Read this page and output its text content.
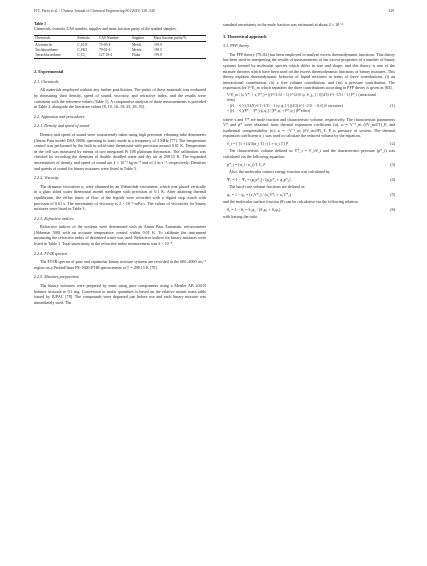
H.T. Parsa et al. / Chinese Journal of Chemical Engineering 80 (2025) 328–340	329
Table 1
Chemicals, formula, CAS number, supplier and mass fraction purity of the studied samples.
Chemicals	Formula	CAS Number	Supplier	Mass fraction purity/%
Acetonitrile	C₂H₃N	75-05-8	Merck	>99.9
Trichloroethene	C₂HCl₃	79-01-6	Merck	>99.5
Tetrachloroethene	C₂Cl₄	127-18-4	Fluka	>99.0
2. Experimental
2.1. Chemicals

All materials employed without any further purification. The purity of these materials was evaluated by measuring their density, speed of sound, viscosity, and refractive index, and the results were consistent with the reference values (Table 1). A comparative analysis of these measurements is provided in Table 2, alongside the literature values [8, 10, 16–18, 25, 29–76].

2.2. Apparatus and procedures
2.2.1. Density and speed of sound

Density and speed of sound were concurrently taken using high precision vibrating-tube densimeter (Anton Paar model DSA 5000) operating in static mode at a frequency of 3 MHz [77]. The temperature control was performed by the built in solid-state thermostat with precision around 0.01 K. Temperature in the cell was measured by means of two integrated Pt 100 platinum thermostat. The calibration was checked by recording the densities of double distilled water and dry air at 298.15 K. The expanded uncertainties of density and speed of sound are 4 × 10⁻¹ kg·m⁻³ and of 2 m·s⁻¹, respectively. Densities and speeds of sound for binary mixtures were listed in Table 3.

2.2.2. Viscosity

The dynamic viscosities η, were obtained by an Ubbelohde viscometer, which was placed vertically in a glass sided water thermostat model medingen with precision of 0.1 K. After attaining thermal equilibrium, the efflux times of flow of the liquids were recorded with a digital stop watch with precision of 0.01 s. The uncertainty of viscosity is 2 × 10⁻³ mPa·s. The values of viscosities for binary mixtures were listed in Table 3.

2.2.3. Refractive indices

Refractive indices of the systems were determined with an Anton Paar Automatic refractometer (Abbemat 500) with an accurate temperature control within 0.01 K. To calibrate the instrument measuring the refractive index of deionized water was used. Refractive indices for binary mixtures were listed in Table 3. Total uncertainty in the refractive index measurement was 2 × 10⁻⁵.

2.2.4. FT-IR spectra

The FT-IR spectra of pure and equimolar binary mixture systems are recorded in the 600–4000 cm⁻¹ region on a PerkinElmer PE-1600-FTIR spectrometer at T = 298.15 K [78].

2.2.5. Mixtures preparation

The binary mixtures were prepared by mass using pure components using a Mettler AB 204-N balance accurate to 0.1 mg. Conversion to molar quantities is based on the relative atomic mass table issued by IUPAC [78]. The compounds were degassed just before use and each binary mixture was immediately used. The

standard uncertainty in the mole fraction was estimated at about 2 × 10⁻⁴.

3. Theoretical approach
3.1. PFP theory

The PFP theory [79–82] has been employed to analyze excess thermodynamic functions. This theory has been used in interpreting the results of measurements of the excess properties of a number of binary systems formed by molecular species which differ in size and shape, and this theory is one of the mixture theories which have been used on the excess thermodynamic functions of binary mixtures. This theory explains thermodynamic behavior of liquid mixtures in terms of three contributions, (i) an interactional contribution, (ii) a free volume contribution, and (iii) a pressure contribution. The expression for V^E_m which separates the three contributions according to PFP theory is given as [83],

V^E_m / (x₁V*₁ + x₂V*₂) = [(ṽ^{1/3} − 1) ṽ^{2/3} ψ₁ θ₂ χ₁₂] / {[(4/3) ṽ^{−1/3} − 1] P*₁} (intractional term)
− [(ṽ₁ − ṽ₂)² ((14/9) ṽ^{−1/3} − 1) ψ₁ψ₂] / [((4/3) ṽ^{−1/3} − 1) ṽ] (ṽ curvature)
+ [(ṽ₁ − ṽ₂)(P*₁ − P*₂) ψ₁ψ₂] / [P*₂ψ₁ + P*₁ψ₂] (P*effect)
(1)

where x and V* are mole fraction and characteristic volume, respectively. The characteristic parameters V* and p* were obtained from thermal expansion coefficient (α), α = V⁻¹_m (∂V_m/∂T)_P, and isothermal compressibility (κ), κ = −V⁻¹_m (∂V_m/∂P)_T, P is pressure of system. The thermal expansion coefficient α_i was used to calculate the reduced volume by the equation,

ṽ_i = [ (1 + (4/3)α_i T) / (1 + α_i T) ]³	(2)

The characteristic volume defined as V*_i = V_i/ṽ_i and the characteristic pressure (p*_i) was calculated via the following equation:

p*_i = (α_i / κ_i) T ṽ_i²	(3)

Also, the molecular contact energy fraction was calculated by

Ψ₁ = 1 − Ψ₂ = (φ₁p*₁) / (φ₁p*₁ + φ₂p*₂)	(4)

The hard-core volume fractions are defined as

φ₁ = 1 − φ₂ = (x₁V*₁) / (x₁V*₁ + x₂V*₂)	(5)

and the molecular surface fraction (θ) can be calculative via the following relation,

θ₁ = 1 − θ₂ = S₁φ₁ / (S₁φ₁ + S₂φ₂)	(6)

with having the ratio,
